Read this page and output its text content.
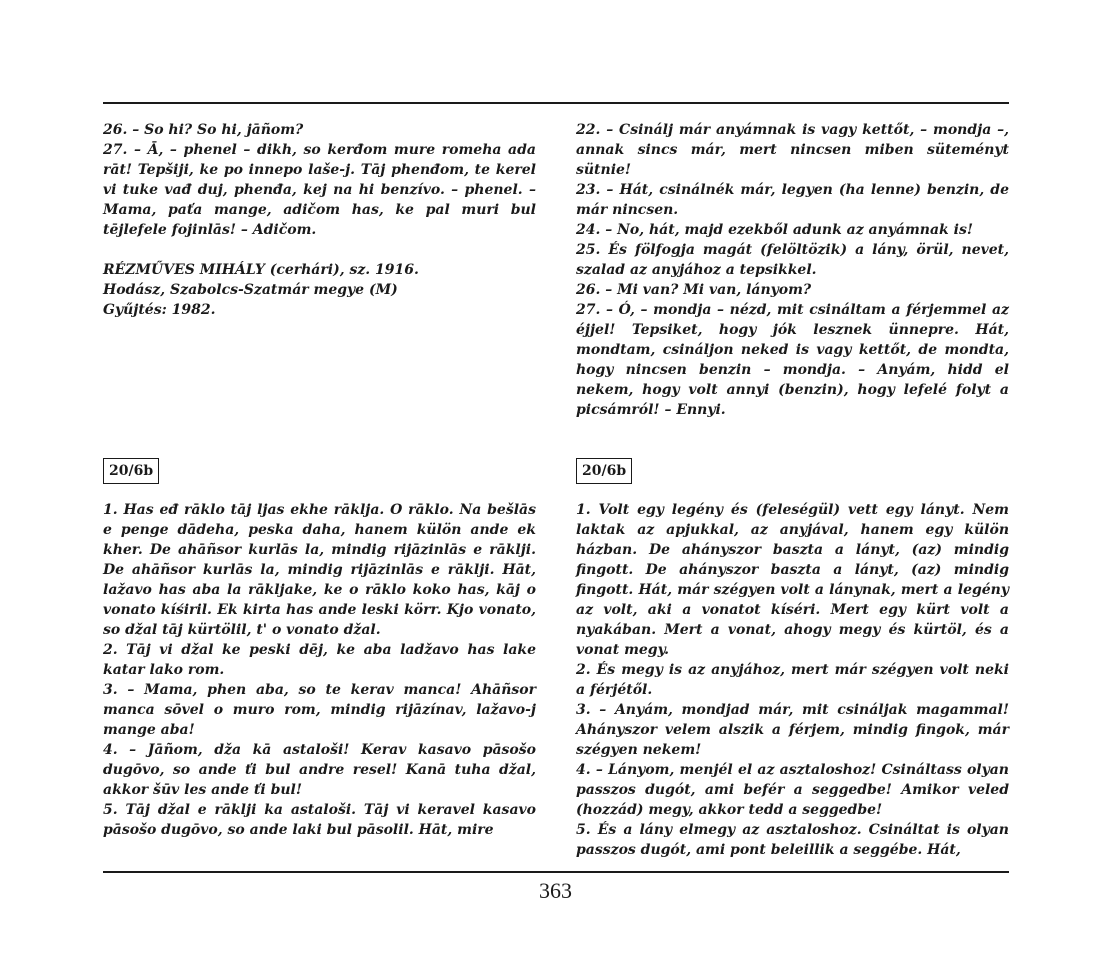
26. – So hi? So hi, jāñom?

27. – Ā, – phenel – dikh, so kerđom mure romeha ada rāt! Tepšiji, ke po innepo laše-j. Tāj phenđom, te kerel vi tuke vađ duj, phenđa, kej na hi benzívo. – phenel. – Mama, paťa mange, adičom has, ke pal muri bul tējlefele fojinlās! – Adičom.

RÉZMŰVES MIHÁLY (cerhári), sz. 1916.

Hodász, Szabolcs-Szatmár megye (M)

Gyűjtés: 1982.

22. – Csinálj már anyámnak is vagy kettőt, – mondja –, annak sincs már, mert nincsen miben süteményt sütnie!

23. – Hát, csinálnék már, legyen (ha lenne) benzin, de már nincsen.

24. – No, hát, majd ezekből adunk az anyámnak is!

25. És fölfogja magát (felöltözik) a lány, örül, nevet, szalad az anyjához a tepsikkel.

26. – Mi van? Mi van, lányom?

27. – Ó, – mondja – nézd, mit csináltam a férjemmel az éjjel! Tepsiket, hogy jók lesznek ünnepre. Hát, mondtam, csináljon neked is vagy kettőt, de mondta, hogy nincsen benzin – mondja. – Anyám, hidd el nekem, hogy volt annyi (benzin), hogy lefelé folyt a picsámról! – Ennyi.

20/6b	20/6b

1. Has eđ rāklo tāj ljas ekhe rāklja. O rāklo. Na bešlās e penge dādeha, peska daha, hanem külön ande ek kher. De ahāñsor kurlās la, mindig rijāzinlās e rāklji. De ahāñsor kurlās la, mindig rijāzinlās e rāklji. Hāt, lažavo has aba la rākljake, ke o rāklo koko has, kāj o vonato kíśiril. Ek kirta has ande leski körr. Kjo vonato, so džal tāj kürtölil, t' o vonato džal.

2. Tāj vi džal ke peski dēj, ke aba ladžavo has lake katar lako rom.

3. – Mama, phen aba, so te kerav manca! Ahāñsor manca sōvel o muro rom, mindig rijāzínav, lažavo-j mange aba!

4. – Jāñom, dža kā astaloši! Kerav kasavo pāsošo dugōvo, so ande ťi bul andre resel! Kanā tuha džal, akkor šūv les ande ťi bul!

5. Tāj džal e rāklji ka astaloši. Tāj vi keravel kasavo pāsošo dugōvo, so ande laki bul pāsolil. Hāt, mire

1. Volt egy legény és (feleségül) vett egy lányt. Nem laktak az apjukkal, az anyjával, hanem egy külön házban. De ahányszor baszta a lányt, (az) mindig fingott. De ahányszor baszta a lányt, (az) mindig fingott. Hát, már szégyen volt a lánynak, mert a legény az volt, aki a vonatot kíséri. Mert egy kürt volt a nyakában. Mert a vonat, ahogy megy és kürtöl, és a vonat megy.

2. És megy is az anyjához, mert már szégyen volt neki a férjétől.

3. – Anyám, mondjad már, mit csináljak magammal! Ahányszor velem alszik a férjem, mindig fingok, már szégyen nekem!

4. – Lányom, menjél el az asztaloshoz! Csináltass olyan passzos dugót, ami befér a seggedbe! Amikor veled (hozzád) megy, akkor tedd a seggedbe!

5. És a lány elmegy az asztaloshoz. Csináltat is olyan passzos dugót, ami pont beleillik a seggébe. Hát,

363
